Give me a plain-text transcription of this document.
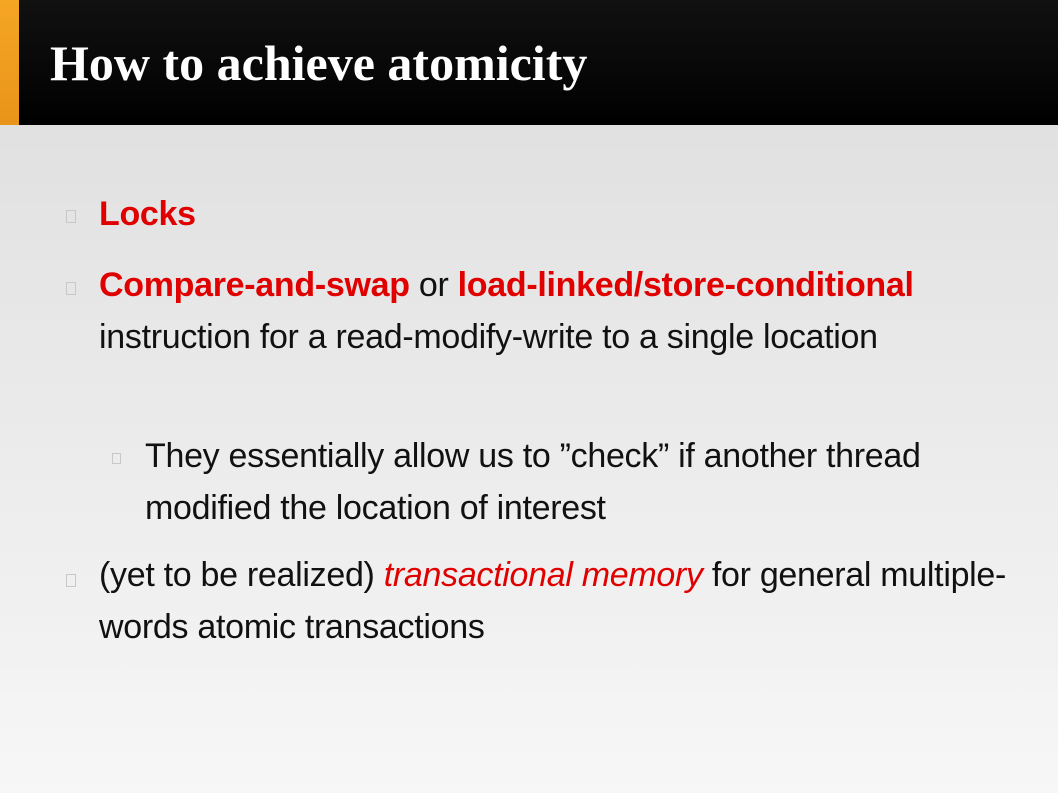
How to achieve atomicity
Locks
Compare-and-swap or load-linked/store-conditional instruction for a read-modify-write to a single location
They essentially allow us to ”check” if another thread modified the location of interest
(yet to be realized) transactional memory for general multiple-words atomic transactions
